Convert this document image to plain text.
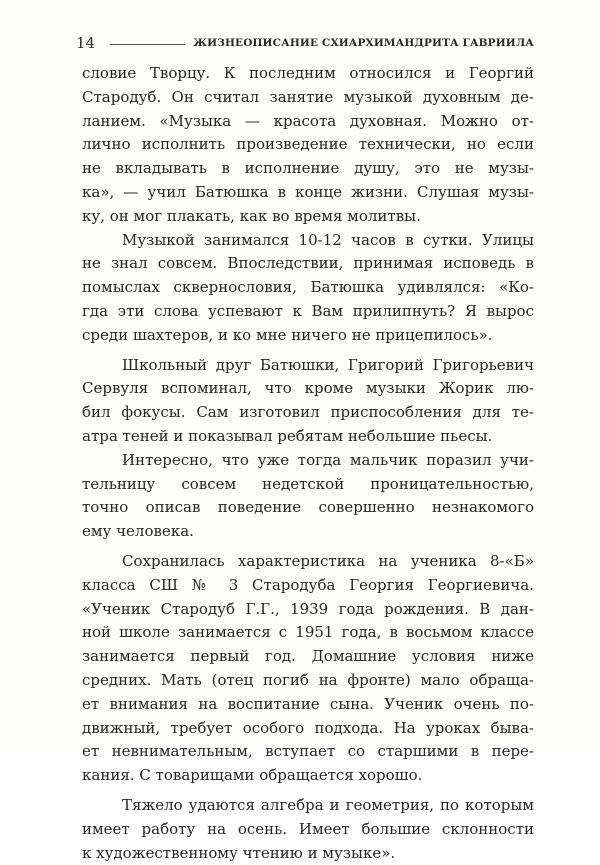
14	ЖИЗНЕОПИСАНИЕ СХИАРХИМАНДРИТА ГАВРИИЛА
словие Творцу. К последним относился и Георгий
Стародуб. Он считал занятие музыкой духовным де-
ланием. «Музыка — красота духовная. Можно от-
лично исполнить произведение технически, но если
не вкладывать в исполнение душу, это не музы-
ка», — учил Батюшка в конце жизни. Слушая музы-
ку, он мог плакать, как во время молитвы.
Музыкой занимался 10-12 часов в сутки. Улицы
не знал совсем. Впоследствии, принимая исповедь в
помыслах сквернословия, Батюшка удивлялся: «Ко-
гда эти слова успевают к Вам прилипнуть? Я вырос
среди шахтеров, и ко мне ничего не прицепилось».
Школьный друг Батюшки, Григорий Григорьевич
Сервуля вспоминал, что кроме музыки Жорик лю-
бил фокусы. Сам изготовил приспособления для те-
атра теней и показывал ребятам небольшие пьесы.
Интересно, что уже тогда мальчик поразил учи-
тельницу совсем недетской проницательностью,
точно описав поведение совершенно незнакомого
ему человека.
Сохранилась характеристика на ученика 8-«Б»
класса СШ № 3 Стародуба Георгия Георгиевича.
«Ученик Стародуб Г.Г., 1939 года рождения. В дан-
ной школе занимается с 1951 года, в восьмом классе
занимается первый год. Домашние условия ниже
средних. Мать (отец погиб на фронте) мало обраща-
ет внимания на воспитание сына. Ученик очень по-
движный, требует особого подхода. На уроках быва-
ет невнимательным, вступает со старшими в пере-
кания. С товарищами обращается хорошо.
Тяжело удаются алгебра и геометрия, по которым
имеет работу на осень. Имеет большие склонности
к художественному чтению и музыке».
